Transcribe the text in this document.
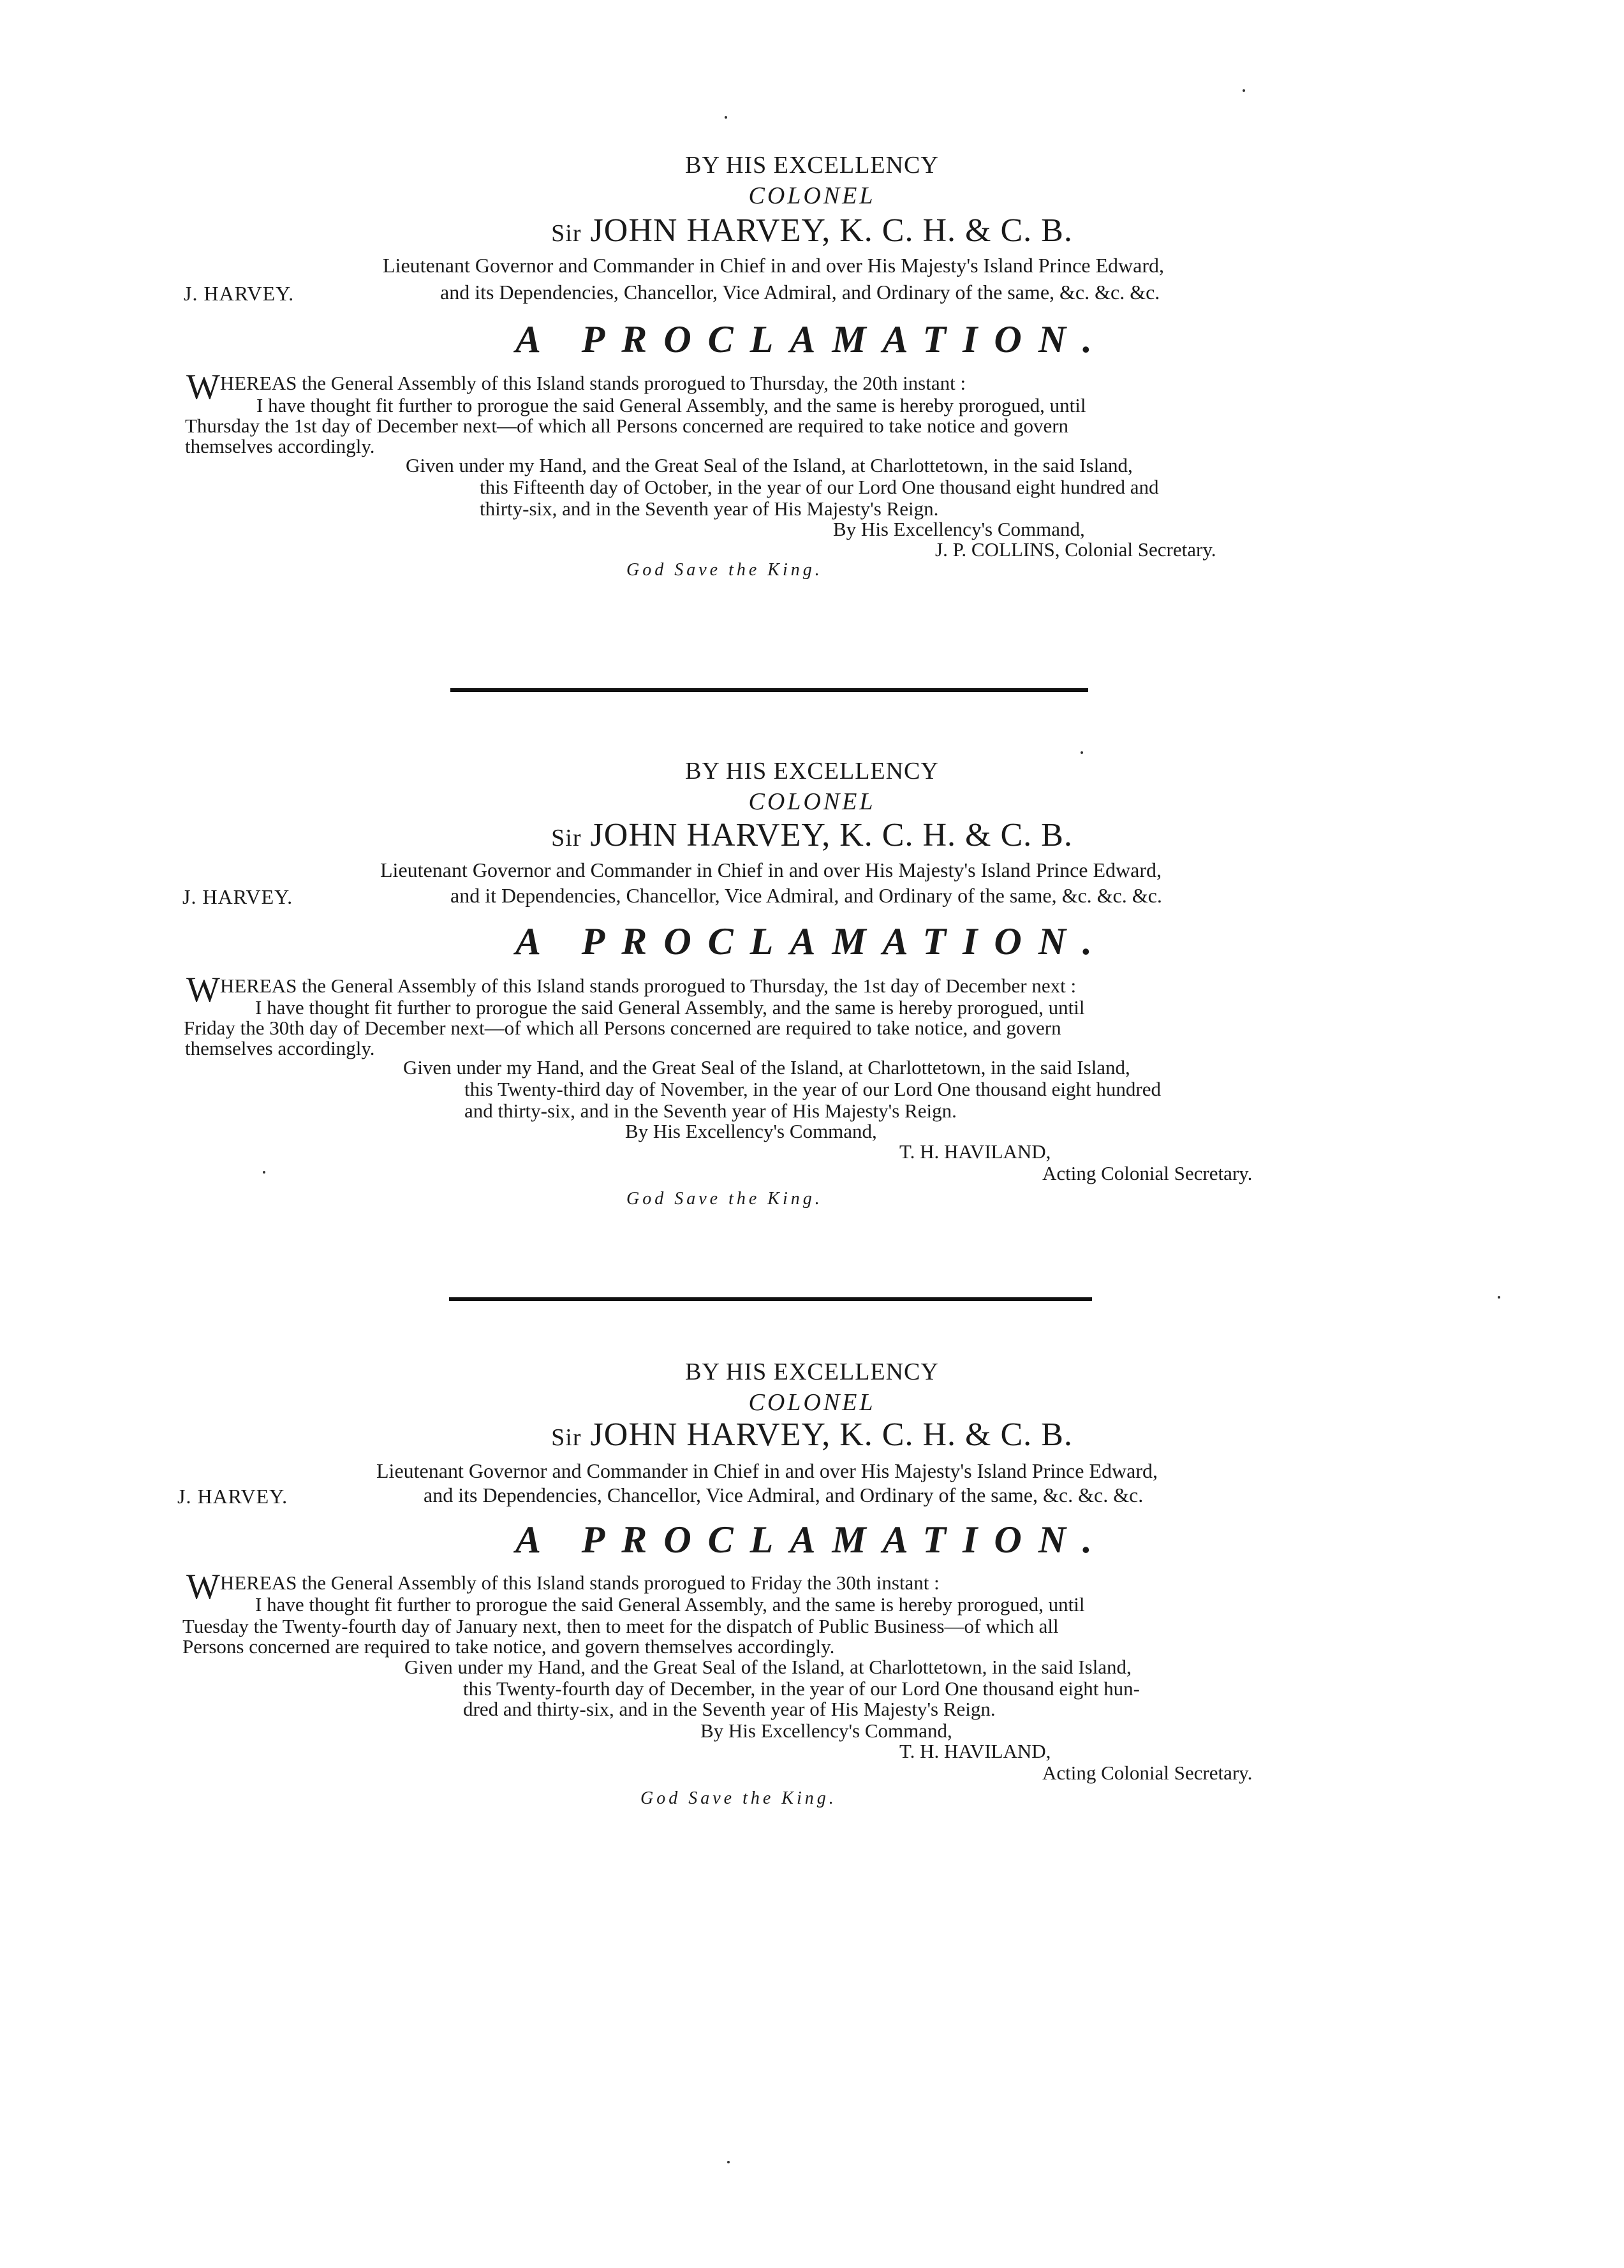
BY HIS EXCELLENCY
COLONEL
Sir JOHN HARVEY, K. C. H. & C. B.
Lieutenant Governor and Commander in Chief in and over His Majesty's Island Prince Edward,
J. HARVEY.	and its Dependencies, Chancellor, Vice Admiral, and Ordinary of the same, &c. &c. &c.
A PROCLAMATION.
WHEREAS the General Assembly of this Island stands prorogued to Thursday, the 20th instant :
I have thought fit further to prorogue the said General Assembly, and the same is hereby prorogued, until
Thursday the 1st day of December next—of which all Persons concerned are required to take notice and govern
themselves accordingly.
Given under my Hand, and the Great Seal of the Island, at Charlottetown, in the said Island,
this Fifteenth day of October, in the year of our Lord One thousand eight hundred and
thirty-six, and in the Seventh year of His Majesty's Reign.
By His Excellency's Command,
J. P. COLLINS, Colonial Secretary.
God Save the King.
BY HIS EXCELLENCY
COLONEL
Sir JOHN HARVEY, K. C. H. & C. B.
Lieutenant Governor and Commander in Chief in and over His Majesty's Island Prince Edward,
J. HARVEY.	and it Dependencies, Chancellor, Vice Admiral, and Ordinary of the same, &c. &c. &c.
A PROCLAMATION.
WHEREAS the General Assembly of this Island stands prorogued to Thursday, the 1st day of December next :
I have thought fit further to prorogue the said General Assembly, and the same is hereby prorogued, until
Friday the 30th day of December next—of which all Persons concerned are required to take notice, and govern
themselves accordingly.
Given under my Hand, and the Great Seal of the Island, at Charlottetown, in the said Island,
this Twenty-third day of November, in the year of our Lord One thousand eight hundred
and thirty-six, and in the Seventh year of His Majesty's Reign.
By His Excellency's Command,
T. H. HAVILAND,
Acting Colonial Secretary.
God Save the King.
BY HIS EXCELLENCY
COLONEL
Sir JOHN HARVEY, K. C. H. & C. B.
Lieutenant Governor and Commander in Chief in and over His Majesty's Island Prince Edward,
J. HARVEY.	and its Dependencies, Chancellor, Vice Admiral, and Ordinary of the same, &c. &c. &c.
A PROCLAMATION.
WHEREAS the General Assembly of this Island stands prorogued to Friday the 30th instant :
I have thought fit further to prorogue the said General Assembly, and the same is hereby prorogued, until
Tuesday the Twenty-fourth day of January next, then to meet for the dispatch of Public Business—of which all
Persons concerned are required to take notice, and govern themselves accordingly.
Given under my Hand, and the Great Seal of the Island, at Charlottetown, in the said Island,
this Twenty-fourth day of December, in the year of our Lord One thousand eight hun-
dred and thirty-six, and in the Seventh year of His Majesty's Reign.
By His Excellency's Command,
T. H. HAVILAND,
Acting Colonial Secretary.
God Save the King.
